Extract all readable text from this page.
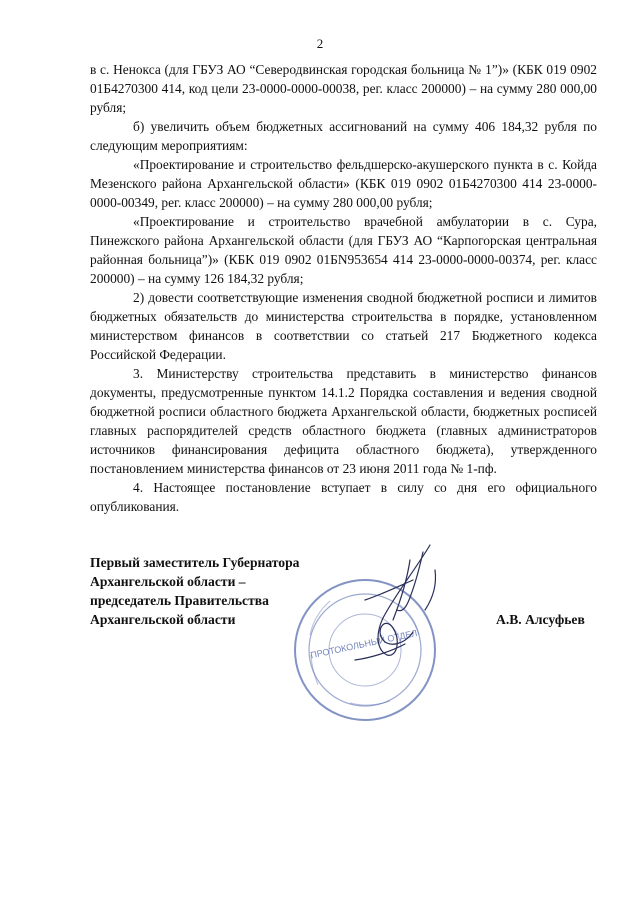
2

в с. Ненокса (для ГБУЗ АО “Северодвинская городская больница № 1”)» (КБК 019 0902 01Б4270300 414, код цели 23-0000-0000-00038, рег. класс 200000) – на сумму 280 000,00 рубля;

б) увеличить объем бюджетных ассигнований на сумму 406 184,32 рубля по следующим мероприятиям:

«Проектирование и строительство фельдшерско-акушерского пункта в с. Койда Мезенского района Архангельской области» (КБК 019 0902 01Б4270300 414 23-0000-0000-00349, рег. класс 200000) – на сумму 280 000,00 рубля;

«Проектирование и строительство врачебной амбулатории в с. Сура, Пинежского района Архангельской области (для ГБУЗ АО “Карпогорская центральная районная больница”)» (КБК 019 0902 01БN953654 414 23-0000-0000-00374, рег. класс 200000) – на сумму 126 184,32 рубля;

2) довести соответствующие изменения сводной бюджетной росписи и лимитов бюджетных обязательств до министерства строительства в порядке, установленном министерством финансов в соответствии со статьей 217 Бюджетного кодекса Российской Федерации.

3. Министерству строительства представить в министерство финансов документы, предусмотренные пунктом 14.1.2 Порядка составления и ведения сводной бюджетной росписи областного бюджета Архангельской области, бюджетных росписей главных распорядителей средств областного бюджета (главных администраторов источников финансирования дефицита областного бюджета), утвержденного постановлением министерства финансов от 23 июня 2011 года № 1-пф.

4. Настоящее постановление вступает в силу со дня его официального опубликования.

Первый заместитель Губернатора
Архангельской области –
председатель Правительства
Архангельской области	А.В. Алсуфьев
ПРОТОКОЛЬНЫЙ ОТДЕЛ
